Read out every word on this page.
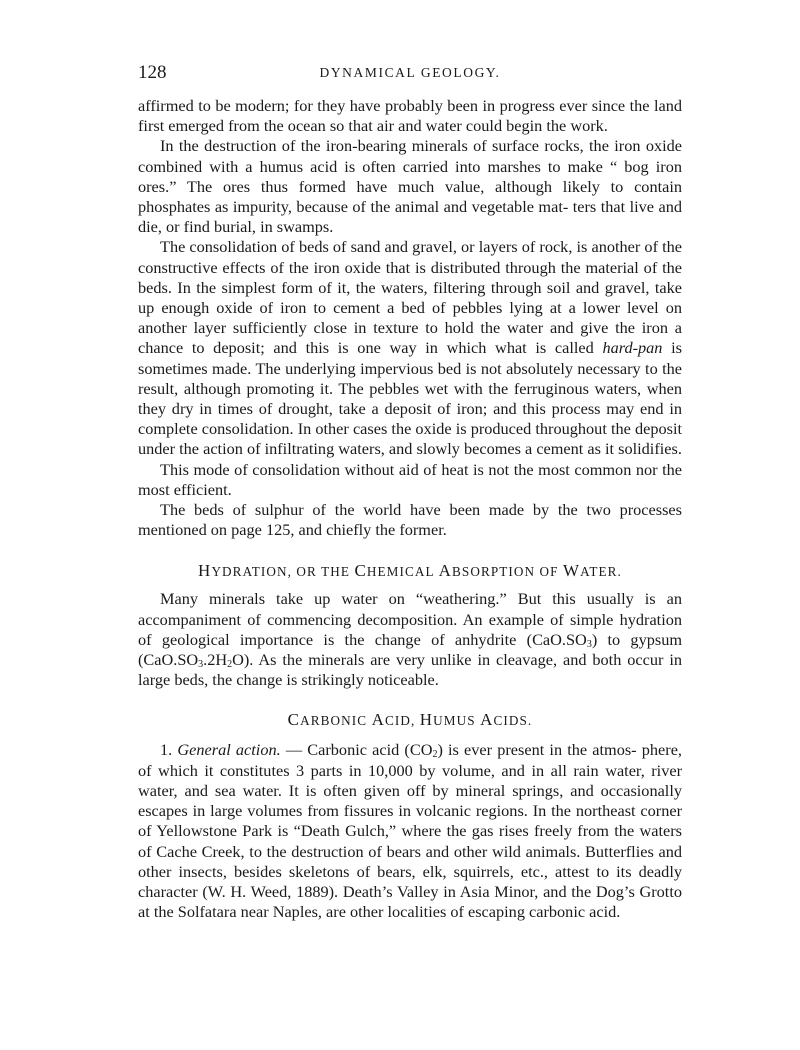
128	DYNAMICAL GEOLOGY.

affirmed to be modern; for they have probably been in progress ever since the land first emerged from the ocean so that air and water could begin the work.

In the destruction of the iron-bearing minerals of surface rocks, the iron oxide combined with a humus acid is often carried into marshes to make “ bog iron ores.” The ores thus formed have much value, although likely to contain phosphates as impurity, because of the animal and vegetable mat- ters that live and die, or find burial, in swamps.

The consolidation of beds of sand and gravel, or layers of rock, is another of the constructive effects of the iron oxide that is distributed through the material of the beds. In the simplest form of it, the waters, filtering through soil and gravel, take up enough oxide of iron to cement a bed of pebbles lying at a lower level on another layer sufficiently close in texture to hold the water and give the iron a chance to deposit; and this is one way in which what is called hard-pan is sometimes made. The underlying impervious bed is not absolutely necessary to the result, although promoting it. The pebbles wet with the ferruginous waters, when they dry in times of drought, take a deposit of iron; and this process may end in complete consolidation. In other cases the oxide is produced throughout the deposit under the action of infiltrating waters, and slowly becomes a cement as it solidifies.

This mode of consolidation without aid of heat is not the most common nor the most efficient.

The beds of sulphur of the world have been made by the two processes mentioned on page 125, and chiefly the former.

HYDRATION, OR THE CHEMICAL ABSORPTION OF WATER.

Many minerals take up water on “weathering.” But this usually is an accompaniment of commencing decomposition. An example of simple hydration of geological importance is the change of anhydrite $(CaO.SO_3)$ to gypsum $(CaO.SO_3.2H_2O)$. As the minerals are very unlike in cleavage, and both occur in large beds, the change is strikingly noticeable.

CARBONIC ACID, HUMUS ACIDS.

1. General action. — Carbonic acid $(CO_2)$ is ever present in the atmos- phere, of which it constitutes 3 parts in 10,000 by volume, and in all rain water, river water, and sea water. It is often given off by mineral springs, and occasionally escapes in large volumes from fissures in volcanic regions. In the northeast corner of Yellowstone Park is “Death Gulch,” where the gas rises freely from the waters of Cache Creek, to the destruction of bears and other wild animals. Butterflies and other insects, besides skeletons of bears, elk, squirrels, etc., attest to its deadly character (W. H. Weed, 1889). Death’s Valley in Asia Minor, and the Dog’s Grotto at the Solfatara near Naples, are other localities of escaping carbonic acid.
